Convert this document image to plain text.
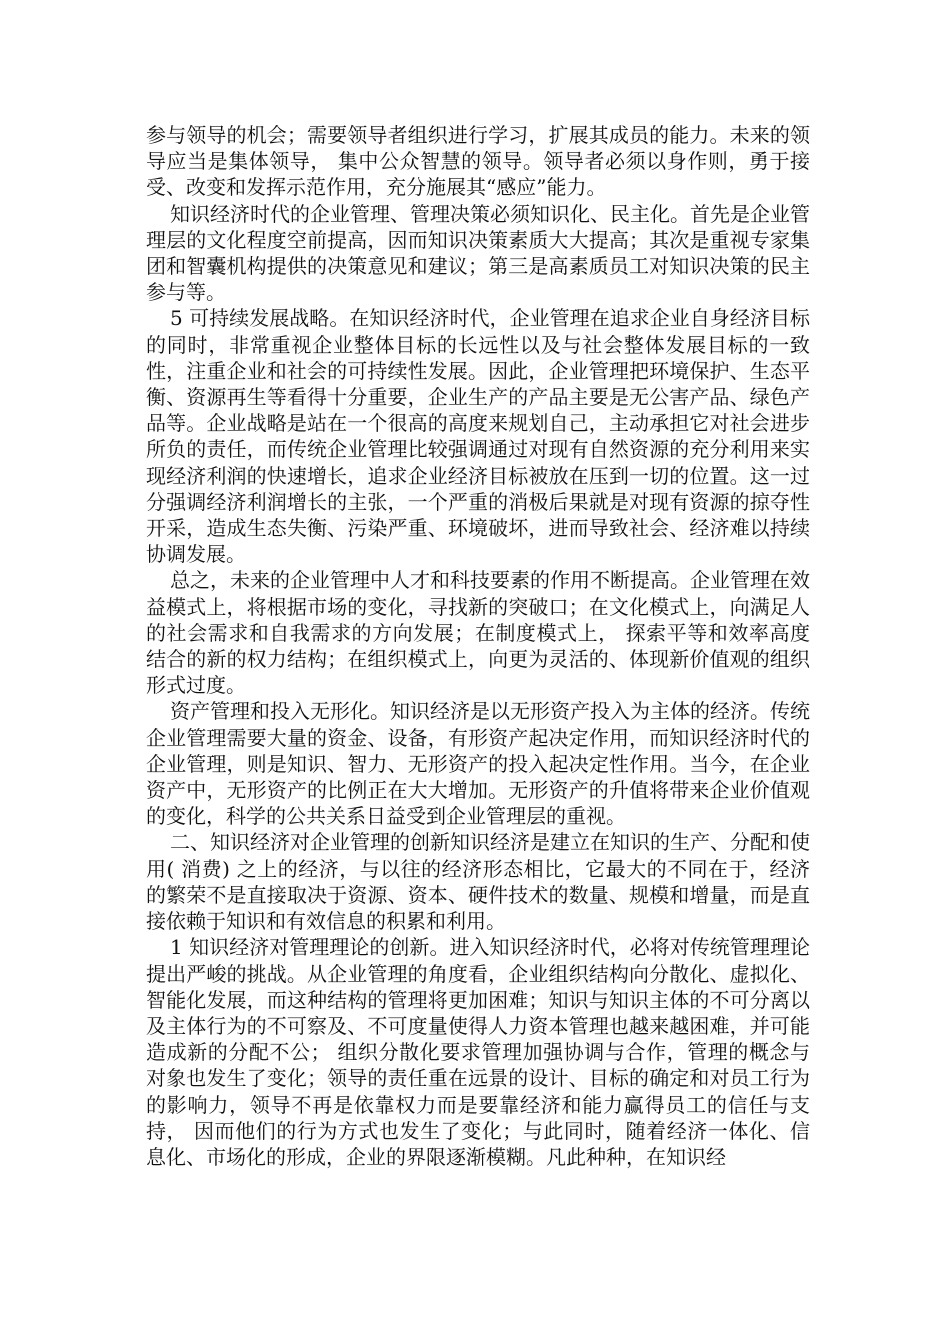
参与领导的机会；需要领导者组织进行学习，扩展其成员的能力。未来的领导应当是集体领导， 集中公众智慧的领导。领导者必须以身作则，勇于接受、改变和发挥示范作用，充分施展其“感应”能力。

知识经济时代的企业管理、管理决策必须知识化、民主化。首先是企业管理层的文化程度空前提高，因而知识决策素质大大提高；其次是重视专家集团和智囊机构提供的决策意见和建议；第三是高素质员工对知识决策的民主参与等。

5 可持续发展战略。在知识经济时代，企业管理在追求企业自身经济目标的同时，非常重视企业整体目标的长远性以及与社会整体发展目标的一致性，注重企业和社会的可持续性发展。因此，企业管理把环境保护、生态平衡、资源再生等看得十分重要，企业生产的产品主要是无公害产品、绿色产品等。企业战略是站在一个很高的高度来规划自己，主动承担它对社会进步所负的责任，而传统企业管理比较强调通过对现有自然资源的充分利用来实现经济利润的快速增长，追求企业经济目标被放在压到一切的位置。这一过分强调经济利润增长的主张，一个严重的消极后果就是对现有资源的掠夺性开采，造成生态失衡、污染严重、环境破坏，进而导致社会、经济难以持续协调发展。

总之，未来的企业管理中人才和科技要素的作用不断提高。企业管理在效益模式上，将根据市场的变化，寻找新的突破口；在文化模式上，向满足人的社会需求和自我需求的方向发展；在制度模式上， 探索平等和效率高度结合的新的权力结构；在组织模式上，向更为灵活的、体现新价值观的组织形式过度。

资产管理和投入无形化。知识经济是以无形资产投入为主体的经济。传统企业管理需要大量的资金、设备，有形资产起决定作用，而知识经济时代的企业管理，则是知识、智力、无形资产的投入起决定性作用。当今，在企业资产中，无形资产的比例正在大大增加。无形资产的升值将带来企业价值观的变化，科学的公共关系日益受到企业管理层的重视。

二、知识经济对企业管理的创新知识经济是建立在知识的生产、分配和使用( 消费) 之上的经济，与以往的经济形态相比，它最大的不同在于，经济的繁荣不是直接取决于资源、资本、硬件技术的数量、规模和增量，而是直接依赖于知识和有效信息的积累和利用。

1 知识经济对管理理论的创新。进入知识经济时代，必将对传统管理理论提出严峻的挑战。从企业管理的角度看，企业组织结构向分散化、虚拟化、智能化发展，而这种结构的管理将更加困难；知识与知识主体的不可分离以及主体行为的不可察及、不可度量使得人力资本管理也越来越困难，并可能造成新的分配不公； 组织分散化要求管理加强协调与合作，管理的概念与对象也发生了变化；领导的责任重在远景的设计、目标的确定和对员工行为的影响力，领导不再是依靠权力而是要靠经济和能力赢得员工的信任与支持， 因而他们的行为方式也发生了变化；与此同时，随着经济一体化、信息化、市场化的形成，企业的界限逐渐模糊。凡此种种，在知识经
